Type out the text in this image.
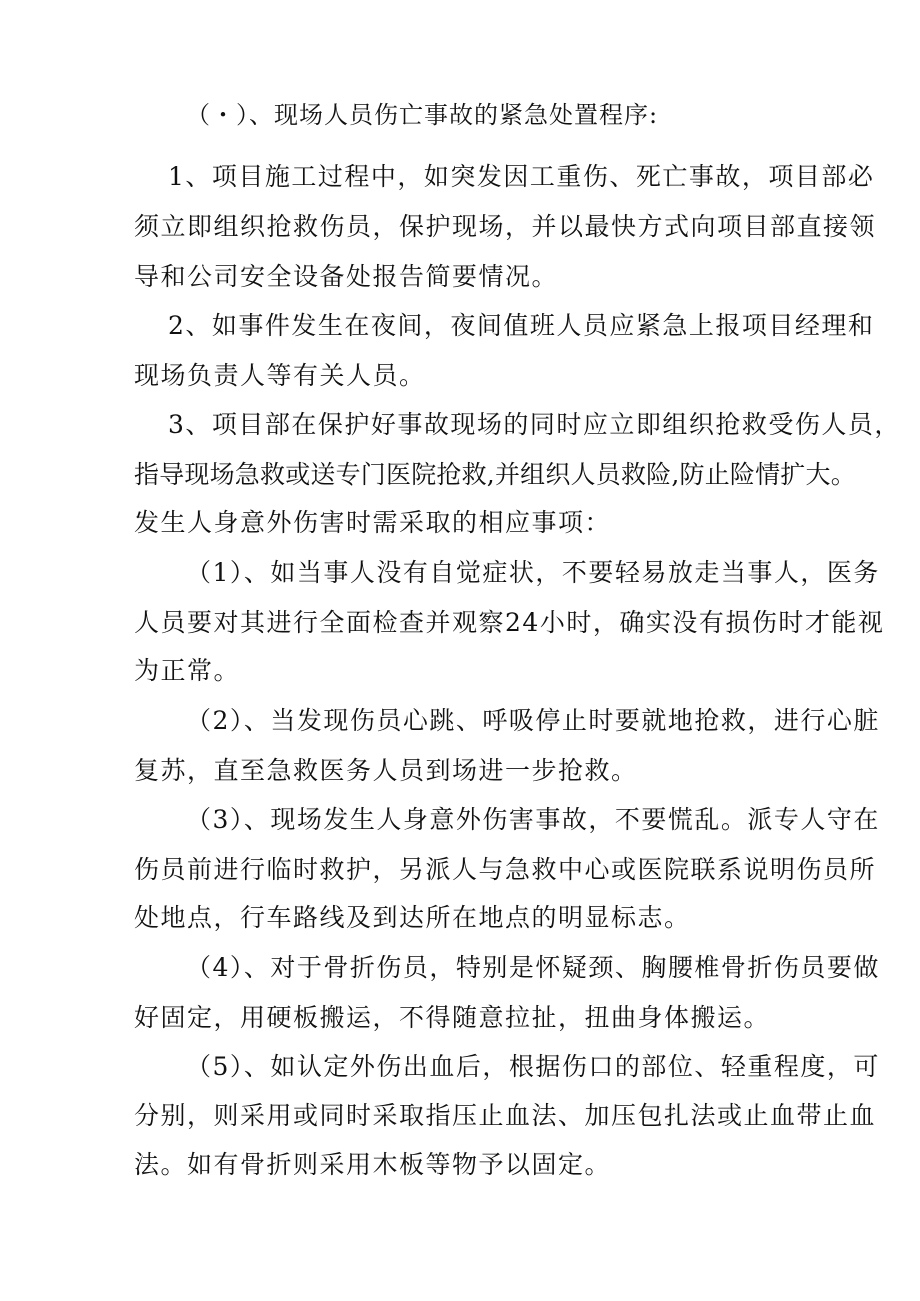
（・）、现场人员伤亡事故的紧急处置程序:
1、项目施工过程中，如突发因工重伤、死亡事故，项目部必
须立即组织抢救伤员，保护现场，并以最快方式向项目部直接领
导和公司安全设备处报告简要情况。
2、如事件发生在夜间，夜间值班人员应紧急上报项目经理和
现场负责人等有关人员。
3、项目部在保护好事故现场的同时应立即组织抢救受伤人员，
指导现场急救或送专门医院抢救,并组织人员救险,防止险情扩大。
发生人身意外伤害时需采取的相应事项：
（1）、如当事人没有自觉症状，不要轻易放走当事人，医务
人员要对其进行全面检查并观察24小时，确实没有损伤时才能视
为正常。
（2）、当发现伤员心跳、呼吸停止时要就地抢救，进行心脏
复苏，直至急救医务人员到场进一步抢救。
（3）、现场发生人身意外伤害事故，不要慌乱。派专人守在
伤员前进行临时救护，另派人与急救中心或医院联系说明伤员所
处地点，行车路线及到达所在地点的明显标志。
（4）、对于骨折伤员，特别是怀疑颈、胸腰椎骨折伤员要做
好固定，用硬板搬运，不得随意拉扯，扭曲身体搬运。
（5）、如认定外伤出血后，根据伤口的部位、轻重程度，可
分别，则采用或同时采取指压止血法、加压包扎法或止血带止血
法。如有骨折则采用木板等物予以固定。
